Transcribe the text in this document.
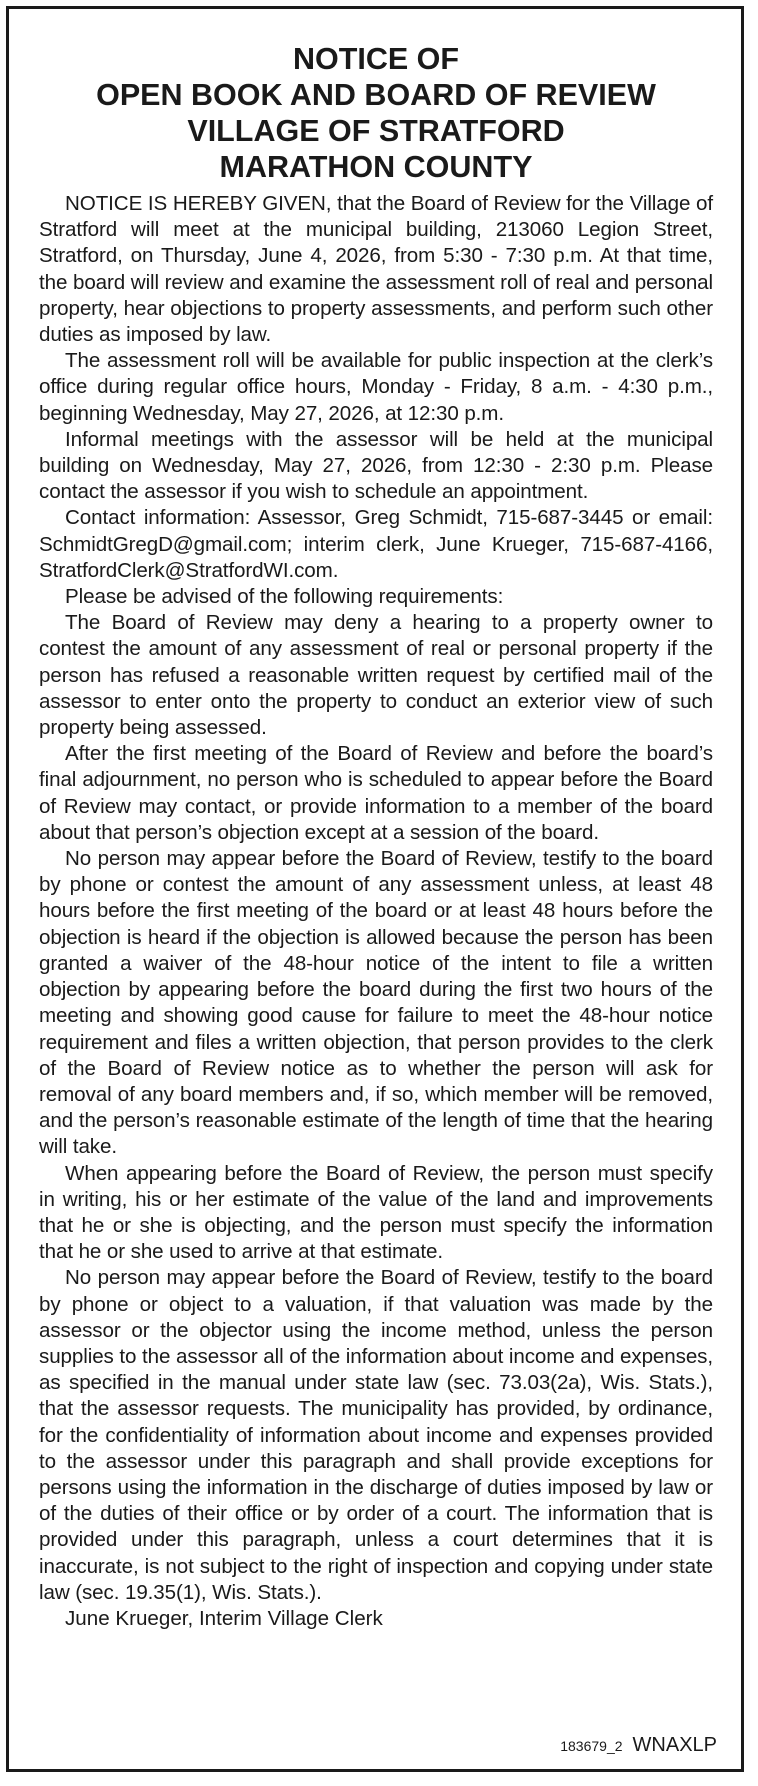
NOTICE OF
OPEN BOOK AND BOARD OF REVIEW
VILLAGE OF STRATFORD
MARATHON COUNTY

NOTICE IS HEREBY GIVEN, that the Board of Review for the Village of Stratford will meet at the municipal building, 213060 Legion Street, Stratford, on Thursday, June 4, 2026, from 5:30 - 7:30 p.m. At that time, the board will review and examine the assessment roll of real and personal property, hear objections to property assessments, and perform such other duties as imposed by law.

The assessment roll will be available for public inspection at the clerk’s office during regular office hours, Monday - Friday, 8 a.m. - 4:30 p.m., beginning Wednesday, May 27, 2026, at 12:30 p.m.

Informal meetings with the assessor will be held at the municipal building on Wednesday, May 27, 2026, from 12:30 - 2:30 p.m. Please contact the assessor if you wish to schedule an appointment.

Contact information: Assessor, Greg Schmidt, 715-687-3445 or email: SchmidtGregD@gmail.com; interim clerk, June Krueger, 715-687-4166, StratfordClerk@StratfordWI.com.

Please be advised of the following requirements:

The Board of Review may deny a hearing to a property owner to contest the amount of any assessment of real or personal property if the person has refused a reasonable written request by certified mail of the assessor to enter onto the property to conduct an exterior view of such property being assessed.

After the first meeting of the Board of Review and before the board’s final adjournment, no person who is scheduled to appear before the Board of Review may contact, or provide information to a member of the board about that person’s objection except at a session of the board.

No person may appear before the Board of Review, testify to the board by phone or contest the amount of any assessment unless, at least 48 hours before the first meeting of the board or at least 48 hours before the objection is heard if the objection is allowed because the person has been granted a waiver of the 48-hour notice of the intent to file a written objection by appearing before the board during the first two hours of the meeting and showing good cause for failure to meet the 48-hour notice requirement and files a written objection, that person provides to the clerk of the Board of Review notice as to whether the person will ask for removal of any board members and, if so, which member will be removed, and the person’s reasonable estimate of the length of time that the hearing will take.

When appearing before the Board of Review, the person must specify in writing, his or her estimate of the value of the land and improvements that he or she is objecting, and the person must specify the information that he or she used to arrive at that estimate.

No person may appear before the Board of Review, testify to the board by phone or object to a valuation, if that valuation was made by the assessor or the objector using the income method, unless the person supplies to the assessor all of the information about income and expenses, as specified in the manual under state law (sec. 73.03(2a), Wis. Stats.), that the assessor requests. The municipality has provided, by ordinance, for the confidentiality of information about income and expenses provided to the assessor under this paragraph and shall provide exceptions for persons using the information in the discharge of duties imposed by law or of the duties of their office or by order of a court. The information that is provided under this paragraph, unless a court determines that it is inaccurate, is not subject to the right of inspection and copying under state law (sec. 19.35(1), Wis. Stats.).

June Krueger, Interim Village Clerk
183679_2 WNAXLP
